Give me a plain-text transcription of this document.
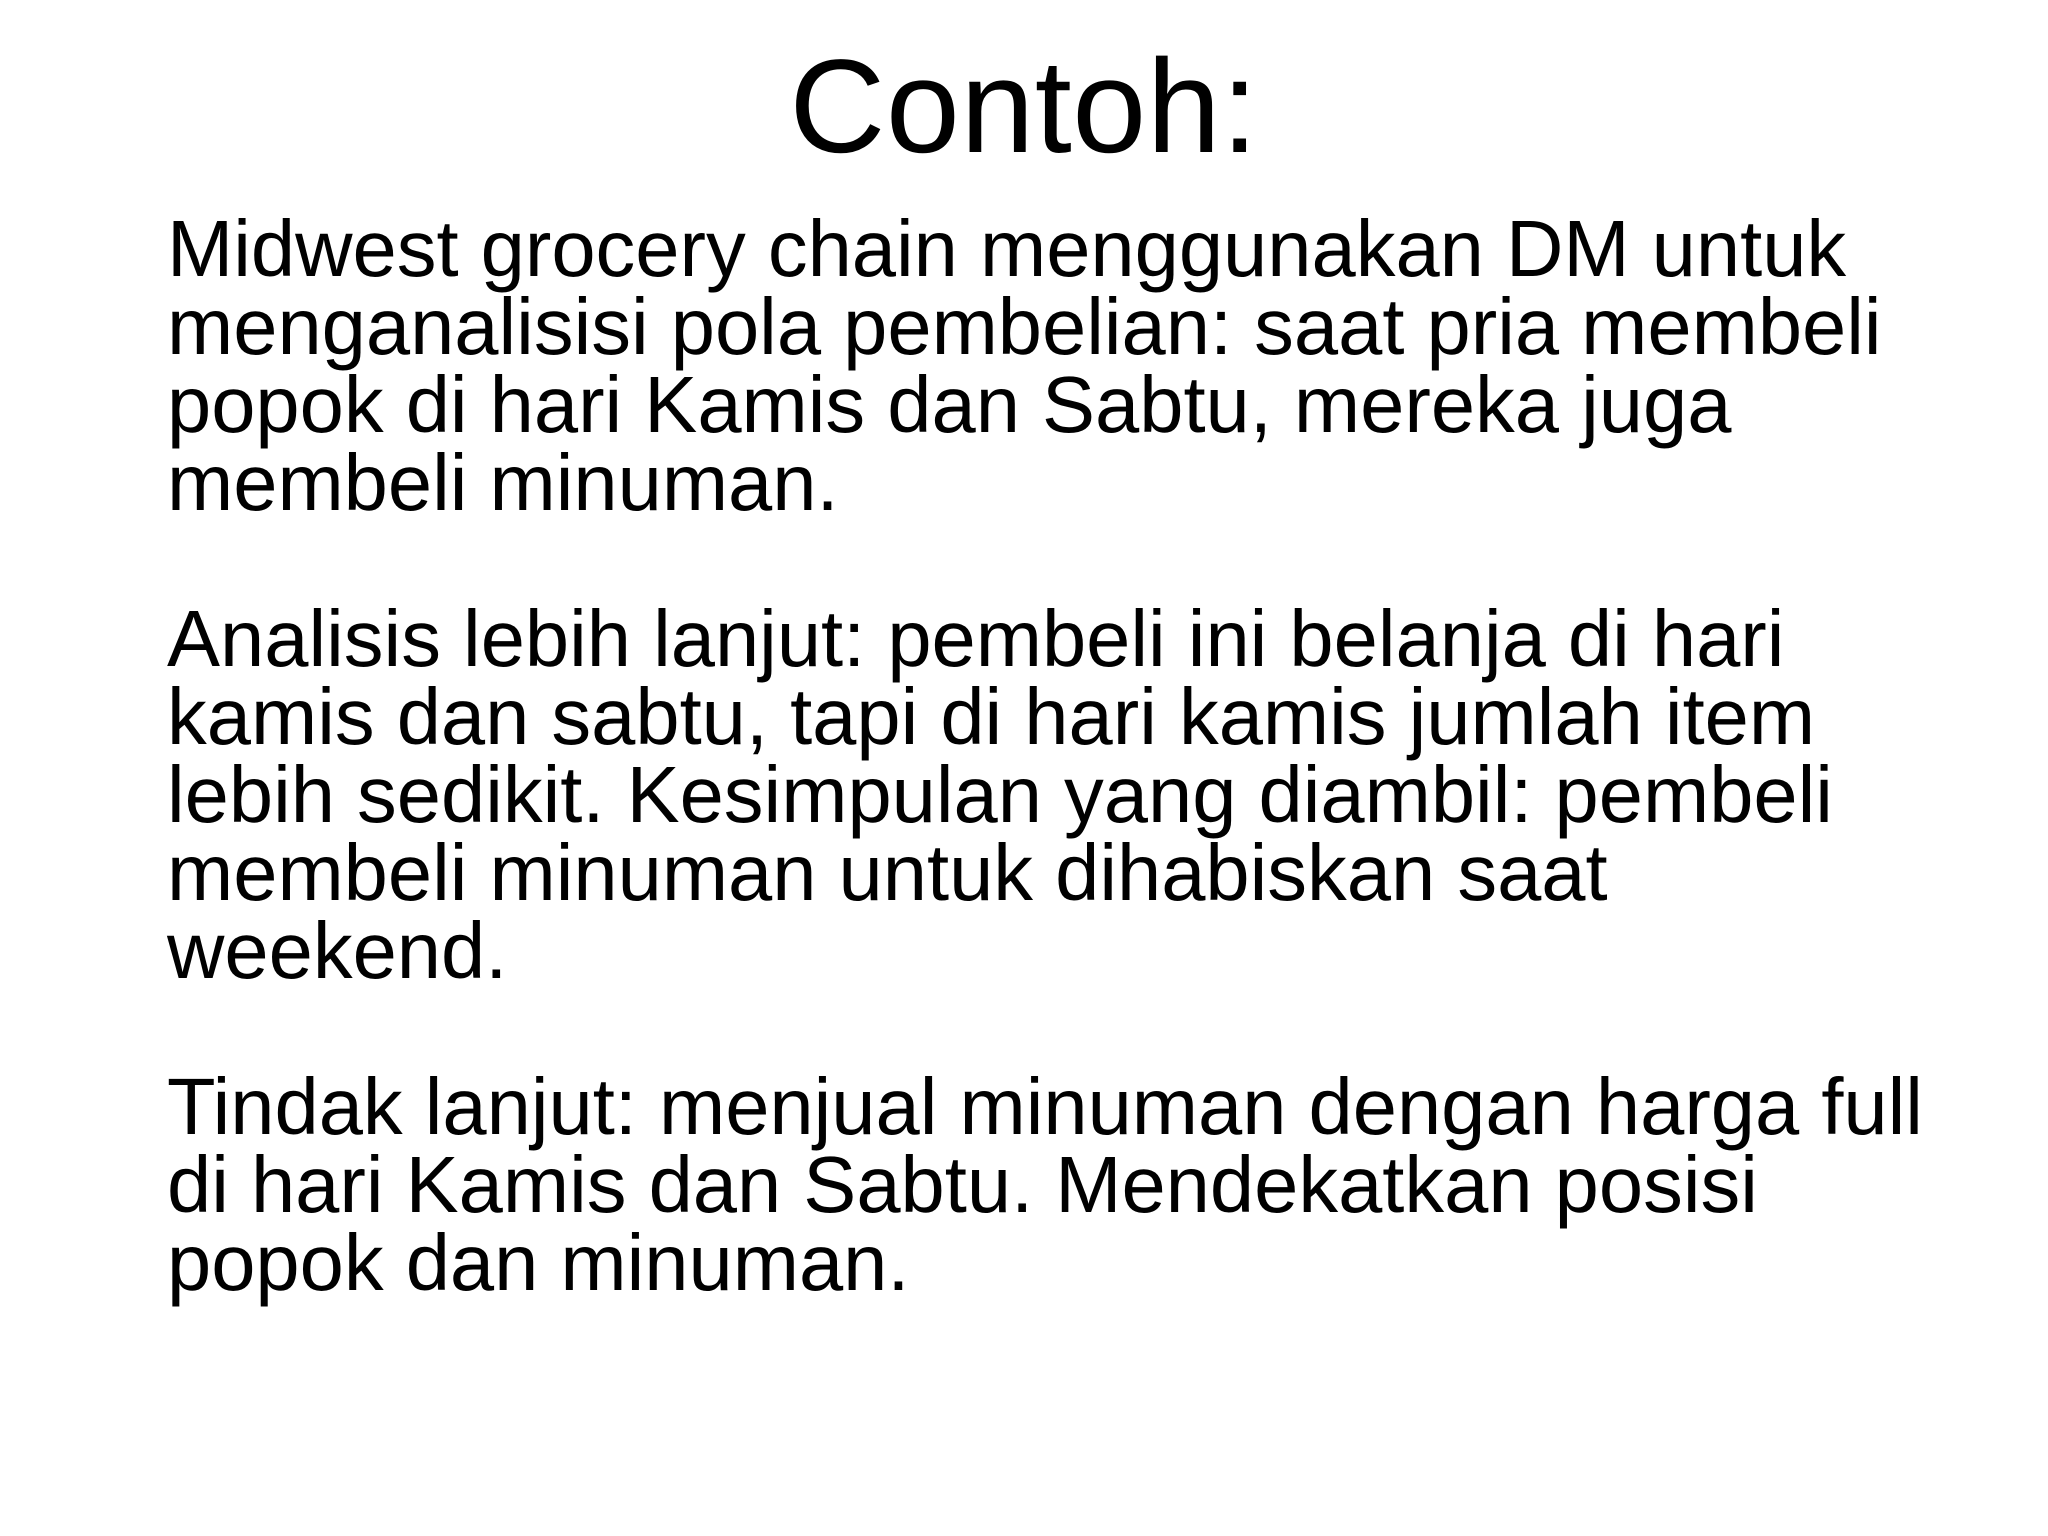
Contoh:

Midwest grocery chain menggunakan DM untuk
menganalisisi pola pembelian: saat pria membeli
popok di hari Kamis dan Sabtu, mereka juga
membeli minuman.

Analisis lebih lanjut: pembeli ini belanja di hari
kamis dan sabtu, tapi di hari kamis jumlah item
lebih sedikit. Kesimpulan yang diambil: pembeli
membeli minuman untuk dihabiskan saat
weekend.

Tindak lanjut: menjual minuman dengan harga full
di hari Kamis dan Sabtu. Mendekatkan posisi
popok dan minuman.
